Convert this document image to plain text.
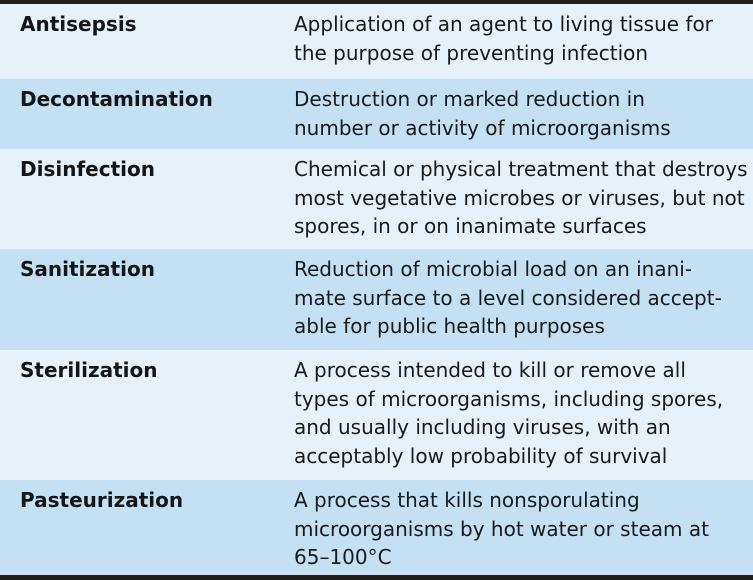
Antisepsis	Application of an agent to living tissue for
the purpose of preventing infection
Decontamination	Destruction or marked reduction in
number or activity of microorganisms
Disinfection	Chemical or physical treatment that destroys
most vegetative microbes or viruses, but not
spores, in or on inanimate surfaces
Sanitization	Reduction of microbial load on an inani-
mate surface to a level considered accept-
able for public health purposes
Sterilization	A process intended to kill or remove all
types of microorganisms, including spores,
and usually including viruses, with an
acceptably low probability of survival
Pasteurization	A process that kills nonsporulating
microorganisms by hot water or steam at
65–100°C
